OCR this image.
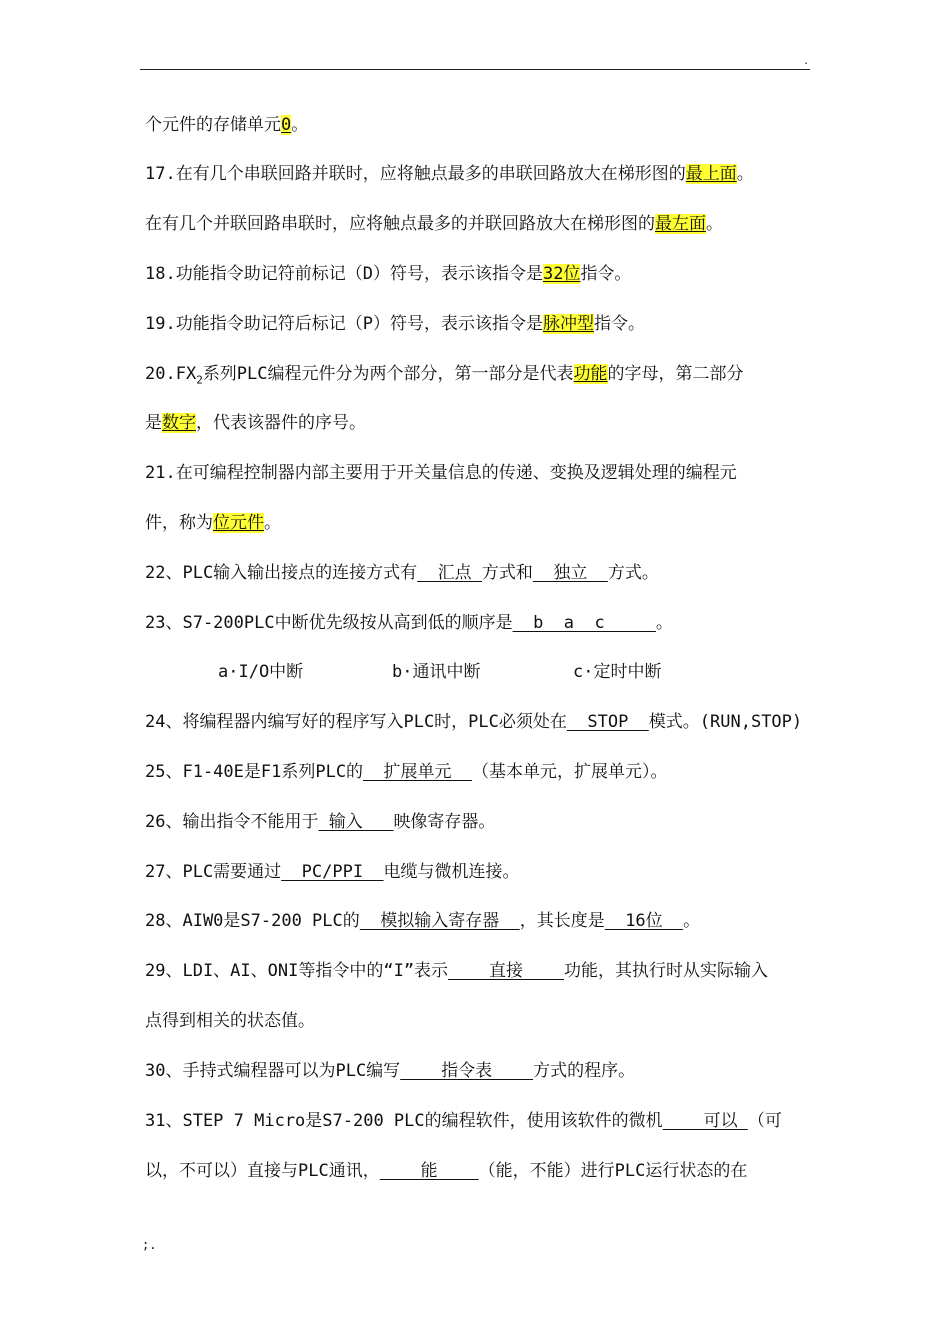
.
个元件的存储单元0。
17.在有几个串联回路并联时，应将触点最多的串联回路放大在梯形图的最上面。
在有几个并联回路串联时，应将触点最多的并联回路放大在梯形图的最左面。
18.功能指令助记符前标记（D）符号，表示该指令是32位指令。
19.功能指令助记符后标记（P）符号，表示该指令是脉冲型指令。
$20.FX_2$系列PLC编程元件分为两个部分，第一部分是代表功能的字母，第二部分
是数字，代表该器件的序号。
21.在可编程控制器内部主要用于开关量信息的传递、变换及逻辑处理的编程元
件，称为位元件。
22、PLC输入输出接点的连接方式有  汇点 方式和  独立  方式。
23、S7-200PLC中断优先级按从高到低的顺序是  b  a  c     。
a·I/O中断	b·通讯中断	c·定时中断
24、将编程器内编写好的程序写入PLC时，PLC必须处在  STOP  模式。(RUN,STOP)
25、F1-40E是F1系列PLC的  扩展单元  （基本单元，扩展单元）。
26、输出指令不能用于 输入   映像寄存器。
27、PLC需要通过  PC/PPI  电缆与微机连接。
28、AIW0是S7-200 PLC的  模拟输入寄存器  ，其长度是  16位  。
29、LDI、AI、ONI等指令中的“I”表示    直接    功能，其执行时从实际输入
点得到相关的状态值。
30、手持式编程器可以为PLC编写    指令表    方式的程序。
31、STEP 7 Micro是S7-200 PLC的编程软件，使用该软件的微机    可以 （可
以，不可以）直接与PLC通讯，    能    （能，不能）进行PLC运行状态的在
;.
